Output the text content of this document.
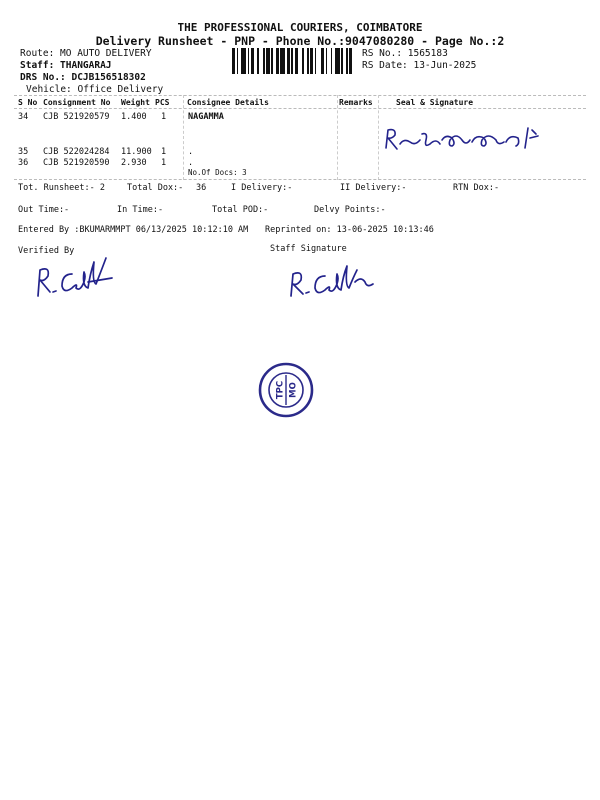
THE PROFESSIONAL COURIERS, COIMBATORE
Delivery Runsheet - PNP - Phone No.:9047080280 - Page No.:2
Route: MO AUTO DELIVERY
Staff: THANGARAJ
DRS No.: DCJB156518302
Vehicle: Office Delivery
RS No.: 1565183
RS Date: 13-Jun-2025
S No Consignment No Weight PCS Consignee Details	Remarks	Seal & Signature
34 CJB 521920579 1.400 1	NAGAMMA
35 CJB 522024284 11.900 1	.
36 CJB 521920590 2.930 1	.
No.Of Docs: 3
Tot. Runsheet:- 2	Total Dox:- 36	I Delivery:-	II Delivery:-	RTN Dox:-
Out Time:-	In Time:-	Total POD:-	Delvy Points:-
Entered By :BKUMARMMPT 06/13/2025 10:12:10 AM Reprinted on: 13-06-2025 10:13:46
Verified By	Staff Signature
TPC MO
